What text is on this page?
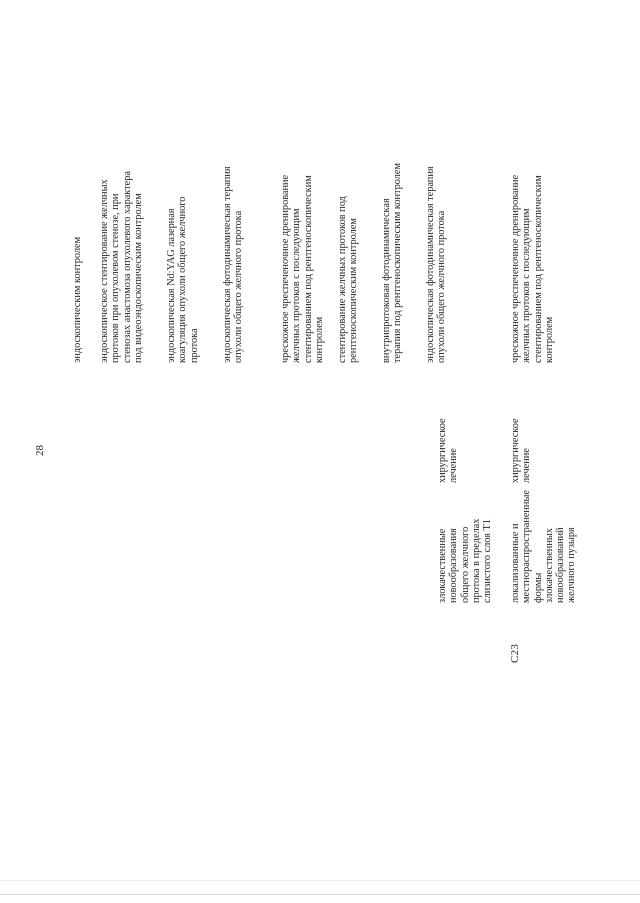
28

злокачественные новообразования общего желчного протока в пределах слизистого слоя T1

хирургическое лечение

эндоскопическим контролем эндоскопическое стентирование желчных протоков при опухолевом стенозе, при стенозах анастомоза опухолевого характера под видеоэндоскопическим контролем эндоскопическая Nd:YAG лазерная коагуляция опухоли общего желчного протока эндоскопическая фотодинамическая терапия опухоли общего желчного протока	чрескожное чреспеченочное дренирование желчных протоков с последующим стентированием под рентгеноскопическим контролем стентирование желчных протоков под рентгеноскопическим контролем внутрипротоковая фотодинамическая терапия под рентгеноскопическим контролем эндоскопическая фотодинамическая терапия опухоли общего желчного протока

C23

локализованные и местнораспространенные формы злокачественных новообразований желчного пузыря

хирургическое лечение

чрескожное чреспеченочное дренирование желчных протоков с последующим стентированием под рентгеноскопическим контролем
